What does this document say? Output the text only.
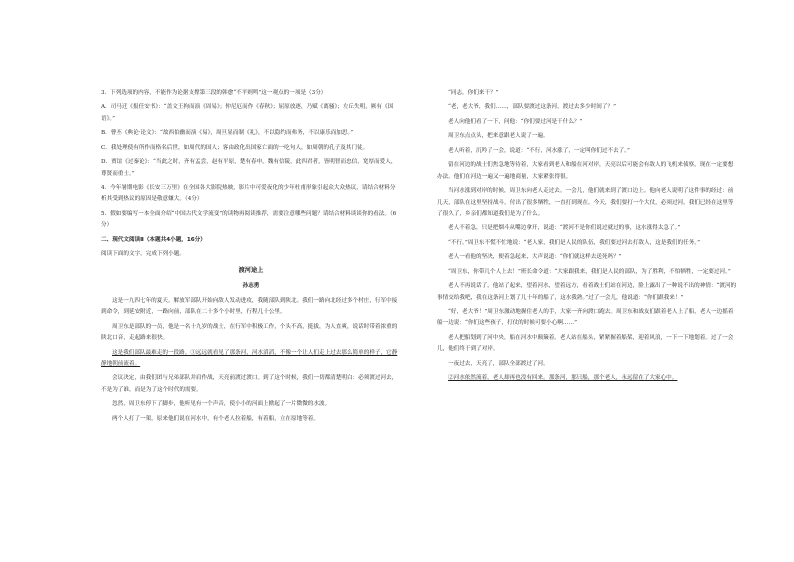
3．下列选项的内容，不能作为论据支撑第三段的韩愈“不平则鸣”这一观点的一项是（3分）

A．司马迁《报任安书》：“盖文王拘而演《周易》；仲尼厄而作《春秋》；屈原放逐，乃赋《离骚》；左丘失明，厥有《国语》。”

B．曹丕《典论·论文》：“故西伯幽而演《易》，周旦显而制《礼》，不以隐约而弗务，不以康乐而加思。”

C．我处理使有所作而格名后世，如周代的国人；客由政化出国家亡面的一吃句人，如周朝的孔子及其门徒。

D．贾谊《过秦论》：“当此之时，齐有孟尝，赵有平原，楚有春申，魏有信陵，此四君者，皆明智而忠信，宽厚而爱人，尊贤而重士。”

4．今年暑期电影《长安三万里》在全国各大影院热映，影片中可爱夜化的少年杜甫形象引起众大众热议，请结合材料分析其受到热议的原因是敬意嫌大。（4分）

5．假如要编写一本全面介绍“中国古代文学流变”的读物再阅读推荐，需要注意哪些问题？请结合材料谈谈你的看法。（6分）

二、现代文阅读Ⅱ（本题共4小题，16分）

阅读下面的文字，完成下列小题。

渡河途上
孙志勇

这是一九四七年的夏天。解放军部队开始向敌人发动进攻，我随部队到陕北。我们一路向北经过多个村庄，行军中接到命令，到延安附近，一路向前，部队在二十多个小时里，行程几十公里。

周卫东是部队的一员，他是一名十九岁的战士，在行军中积极工作，个头不高，挺拔，为人直爽，说话时带着浓重的陕北口音，走起路来很快。

这是我们部队最难走的一段路。①远远就看见了那条河，河水滔滔，不像一个让人们走上过去那么简单的样子，它静静地朝前流着。

会议决定，由我们团与兄弟部队并肩作战，天亮前渡过渡口。到了这个时候，我们一切都清楚明白：必须渡过河去，不是为了谁，而是为了这个时代的需要。

忽然，周卫东停下了脚步，他听见有一个声音，使小小的河面上掀起了一片微微的水波。

两个人打了一架，原来他们说在河水中，有个老人拉着船，有着船，立在原地等着。

“同志，你们来干？”

“老，老大爷，我们……，部队要渡过这条河，渡过去多少时间了？”

老人向他们看了一下，问他：“你们要过河是干什么？”

周卫东点点头，把来意跟老人说了一遍。

老人听着，沉吟了一会，说道：“不行，河水涨了，一定叫你们过不去了。”

留在河边的战士们焦急地等待着，大家看到老人和船在河对岸，天亮以后可能会有敌人的飞机来侦察，现在一定要想办法。他们在河边一遍又一遍地商量，大家紧张得很。

当河水涨到对岸的时候，周卫东向老人走过去。一会儿，他们就来到了渡口边上。他向老人说明了这件事的经过：前几天，部队在这里坚持战斗，付出了很多牺牲，一直打到现在。今天，我们要打一个大仗，必须过河。我们已经在这里等了很久了，乡亲们都知道我们是为了什么。

老人不着急，只是把烟斗从嘴边拿开，说道：“渡河不是你们说过就过的事，这水涨得太急了。”

“不行。”周卫东不慌不忙地说：“老人家，我们是人民的队伍，我们要过河去打敌人，这是我们的任务。”

老人一看他的坚决，便着急起来，大声说道：“你们就这样去送死吗？”

“周卫东，你带几个人上去！”班长命令道：“大家跟我来，我们是人民的部队，为了胜利，不怕牺牲，一定要过河。”

老人不再说话了，他站了起来，望着河水，望着远方，看着战士们站在河边，脸上露出了一种说不出的神情：“渡河的事情交给我吧，我在这条河上划了几十年的船了，这水我熟。”过了一会儿，他说道：“你们跟我来！”

“好，老大爷！”周卫东激动地握住老人的手，大家一齐向渡口跑去。周卫东和战友们跟着老人上了船，老人一边摇着船一边说：“你们这些孩子，打仗的时候可要小心啊……”

老人把船划到了河中央，船在河水中颠簸着。老人站在船头，紧紧握着船桨，迎着风浪，一下一下地划着。过了一会儿，他们终于到了对岸。

一夜过去，天亮了，部队全部渡过了河。

②河水依然流着，老人却再也没有回来。那条河，那只船，那个老人，永远留在了大家心中。
